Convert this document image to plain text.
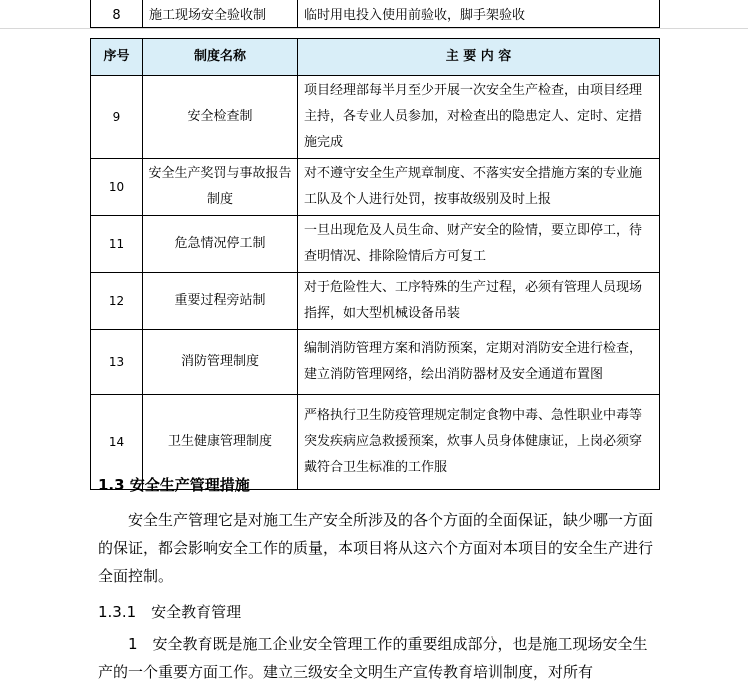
8	施工现场安全验收制	临时用电投入使用前验收，脚手架验收
序号	制度名称	主 要 内 容
9	安全检查制	项目经理部每半月至少开展一次安全生产检查，由项目经理主持，各专业人员参加，对检查出的隐患定人、定时、定措施完成
10	安全生产奖罚与事故报告制度	对不遵守安全生产规章制度、不落实安全措施方案的专业施工队及个人进行处罚，按事故级别及时上报
11	危急情况停工制	一旦出现危及人员生命、财产安全的险情，要立即停工，待查明情况、排除险情后方可复工
12	重要过程旁站制	对于危险性大、工序特殊的生产过程，必须有管理人员现场指挥，如大型机械设备吊装
13	消防管理制度	编制消防管理方案和消防预案，定期对消防安全进行检查，建立消防管理网络，绘出消防器材及安全通道布置图
14	卫生健康管理制度	严格执行卫生防疫管理规定制定食物中毒、急性职业中毒等突发疾病应急救援预案，炊事人员身体健康证，上岗必须穿戴符合卫生标准的工作服
1.3 安全生产管理措施
安全生产管理它是对施工生产安全所涉及的各个方面的全面保证，缺少哪一方面的保证，都会影响安全工作的质量，本项目将从这六个方面对本项目的安全生产进行全面控制。
1.3.1　安全教育管理
1　安全教育既是施工企业安全管理工作的重要组成部分，也是施工现场安全生产的一个重要方面工作。建立三级安全文明生产宣传教育培训制度，对所有
